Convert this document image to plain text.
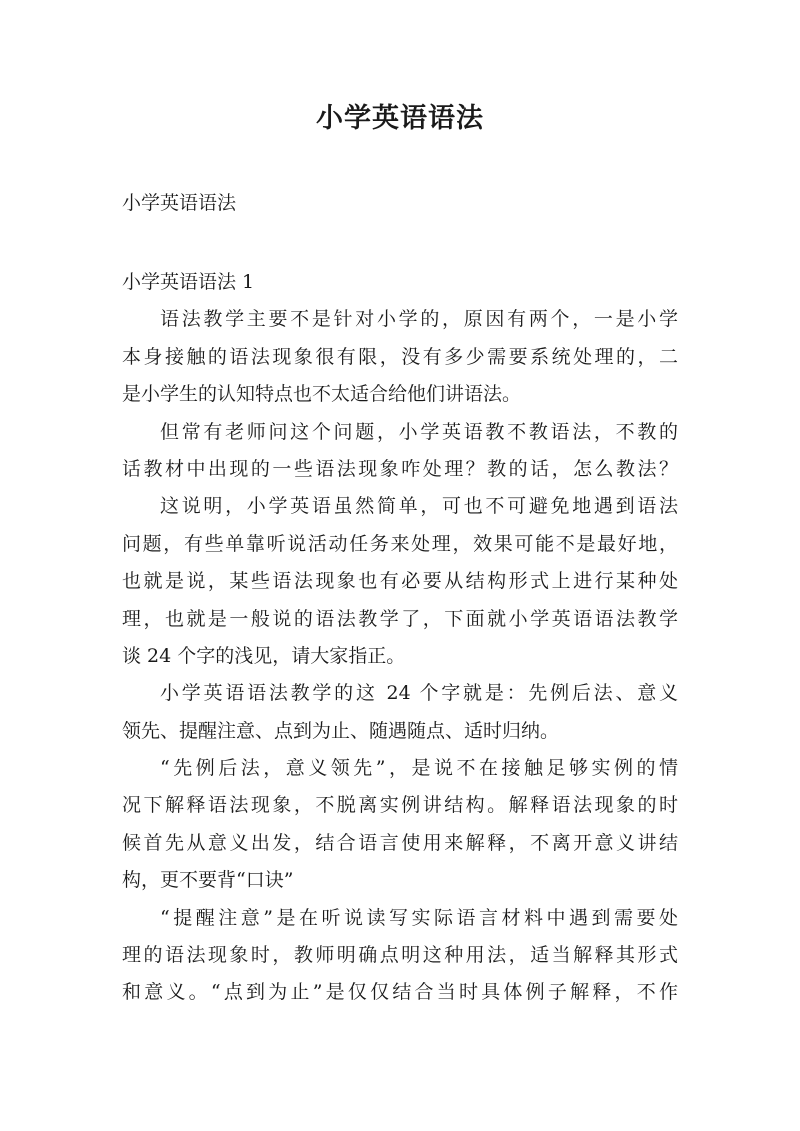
小学英语语法

小学英语语法

小学英语语法 1
语法教学主要不是针对小学的，原因有两个，一是小学
本身接触的语法现象很有限，没有多少需要系统处理的，二
是小学生的认知特点也不太适合给他们讲语法。
但常有老师问这个问题，小学英语教不教语法，不教的
话教材中出现的一些语法现象咋处理？教的话，怎么教法？
这说明，小学英语虽然简单，可也不可避免地遇到语法
问题，有些单靠听说活动任务来处理，效果可能不是最好地，
也就是说，某些语法现象也有必要从结构形式上进行某种处
理，也就是一般说的语法教学了，下面就小学英语语法教学
谈 24 个字的浅见，请大家指正。
小学英语语法教学的这 24 个字就是：先例后法、意义
领先、提醒注意、点到为止、随遇随点、适时归纳。
“先例后法，意义领先”，是说不在接触足够实例的情
况下解释语法现象，不脱离实例讲结构。解释语法现象的时
候首先从意义出发，结合语言使用来解释，不离开意义讲结
构，更不要背“口诀”
“提醒注意”是在听说读写实际语言材料中遇到需要处
理的语法现象时，教师明确点明这种用法，适当解释其形式
和意义。“点到为止”是仅仅结合当时具体例子解释，不作
